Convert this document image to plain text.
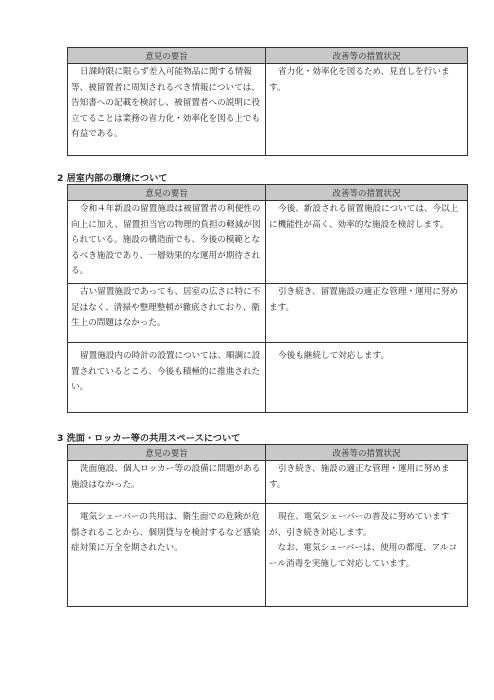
意見の要旨	改善等の措置状況
日課時限に限らず差入可能物品に関する情報等、被留置者に周知されるべき情報については、告知書への記載を検討し、被留置者への説明に役立てることは業務の省力化・効率化を図る上でも有益である。	省力化・効率化を図るため、見直しを行います。
2 居室内部の環境について
意見の要旨	改善等の措置状況
令和４年新設の留置施設は被留置者の利便性の向上に加え、留置担当官の物理的負担の軽減が図られている。施設の構造面でも、今後の模範となるべき施設であり、一層効果的な運用が期待される。	今後、新設される留置施設については、今以上に機能性が高く、効率的な施設を検討します。
古い留置施設であっても、居室の広さに特に不足はなく、清掃や整理整頓が徹底されており、衛生上の問題はなかった。	引き続き、留置施設の適正な管理・運用に努めます。
留置施設内の時計の設置については、順調に設置されているところ、今後も積極的に推進されたい。	今後も継続して対応します。
3 洗面・ロッカー等の共用スペースについて
意見の要旨	改善等の措置状況
洗面施設、個人ロッカー等の設備に問題がある施設はなかった。	引き続き、施設の適正な管理・運用に努めます。
電気シェーバーの共用は、衛生面での危険が危惧されることから、個別貸与を検討するなど感染症対策に万全を期されたい。	現在、電気シェーバーの普及に努めていますが、引き続き対応します。
　なお、電気シェーバーは、使用の都度、アルコール消毒を実施して対応しています。
